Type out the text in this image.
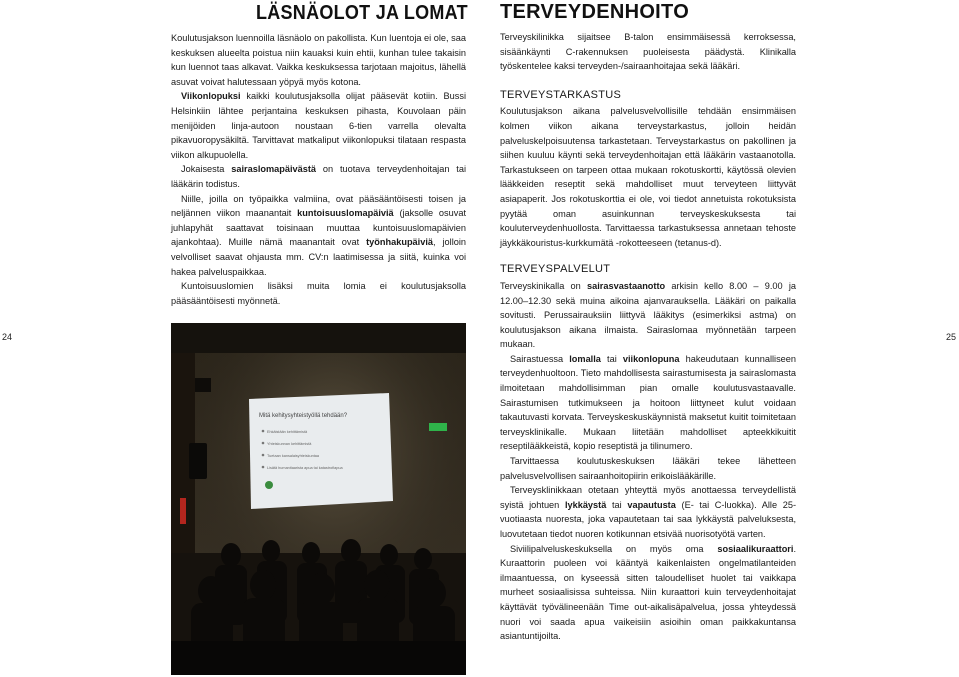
24	25
LÄSNÄOLOT JA LOMAT

Koulutusjakson luennoilla läsnäolo on pakollista. Kun luentoja ei ole, saa keskuksen alueelta poistua niin kauaksi kuin ehtii, kunhan tulee takaisin kun luennot taas alkavat. Vaikka keskuksessa tarjotaan majoitus, lähellä asuvat voivat halutessaan yöpyä myös kotona.

Viikonlopuksi kaikki koulutusjaksolla olijat pääsevät kotiin. Bussi Helsinkiin lähtee perjantaina keskuksen pihasta, Kouvolaan päin menijöiden linja-autoon noustaan 6-tien varrella olevalta pikavuoropysäkiltä. Tarvittavat matkaliput viikonlopuksi tilataan respasta viikon alkupuolella.

Jokaisesta sairaslomapäivästä on tuotava terveydenhoitajan tai lääkärin todistus.

Niille, joilla on työpaikka valmiina, ovat pääsääntöisesti toisen ja neljännen viikon maanantait kuntoisuuslomapäiviä (jaksolle osuvat juhlapyhät saattavat toisinaan muuttaa kuntoisuuslomapäivien ajankohtaa). Muille nämä maanantait ovat työnhakupäiviä, jolloin velvolliset saavat ohjausta mm. CV:n laatimisessa ja siitä, kuinka voi hakea palveluspaikkaa.

Kuntoisuuslomien lisäksi muita lomia ei koulutusjaksolla pääsääntöisesti myönnetä.

Mitä kehitysyhteistyöllä tehdään?
Ehkäistään kehittämistä
Yhteiskunnan kehittämistä
Tuetaan kansalaisyhteiskuntaa
Lisätä humanitaarista apua tai katastrofiapua
TERVEYDENHOITO

Terveyskilinikka sijaitsee B-talon ensimmäisessä kerroksessa, sisäänkäynti C-rakennuksen puoleisesta päädystä. Klinikalla työskentelee kaksi terveyden-/sairaanhoitajaa sekä lääkäri.

TERVEYSTARKASTUS

Koulutusjakson aikana palvelusvelvollisille tehdään ensimmäisen kolmen viikon aikana terveystarkastus, jolloin heidän palveluskelpoisuutensa tarkastetaan. Terveystarkastus on pakollinen ja siihen kuuluu käynti sekä terveydenhoitajan että lääkärin vastaanotolla. Tarkastukseen on tarpeen ottaa mukaan rokotuskortti, käytössä olevien lääkkeiden reseptit sekä mahdolliset muut terveyteen liittyvät asiapaperit. Jos rokotuskorttia ei ole, voi tiedot annetuista rokotuksista pyytää oman asuinkunnan terveyskeskuksesta tai kouluterveydenhuollosta. Tarvittaessa tarkastuksessa annetaan tehoste jäykkäkouristus-kurkkumätä -rokotteeseen (tetanus-d).

TERVEYSPALVELUT

Terveyskinikalla on sairasvastaanotto arkisin kello 8.00 – 9.00 ja 12.00–12.30 sekä muina aikoina ajanvarauksella. Lääkäri on paikalla sovitusti. Perussairauksiin liittyvä lääkitys (esimerkiksi astma) on koulutusjakson aikana ilmaista. Sairaslomaa myönnetään tarpeen mukaan.

Sairastuessa lomalla tai viikonlopuna hakeudutaan kunnalliseen terveydenhuoltoon. Tieto mahdollisesta sairastumisesta ja sairaslomasta ilmoitetaan mahdollisimman pian omalle koulutusvastaavalle. Sairastumisen tutkimukseen ja hoitoon liittyneet kulut voidaan takautuvasti korvata. Terveyskeskuskäynnistä maksetut kuitit toimitetaan terveysklinikalle. Mukaan liitetään mahdolliset apteekkikuitit reseptilääkkeistä, kopio reseptistä ja tilinumero.

Tarvittaessa koulutuskeskuksen lääkäri tekee lähetteen palvelusvelvollisen sairaanhoitopiirin erikoislääkärille.

Terveysklinikkaan otetaan yhteyttä myös anottaessa terveydellistä syistä johtuen lykkäystä tai vapautusta (E- tai C-luokka). Alle 25-vuotiaasta nuoresta, joka vapautetaan tai saa lykkäystä palveluksesta, luovutetaan tiedot nuoren kotikunnan etsivää nuorisotyötä varten.

Siviilipalveluskeskuksella on myös oma sosiaalikuraattori. Kuraattorin puoleen voi kääntyä kaikenlaisten ongelmatilanteiden ilmaantuessa, on kyseessä sitten taloudelliset huolet tai vaikkapa murheet sosiaalisissa suhteissa. Niin kuraattori kuin terveydenhoitajat käyttävät työvälineenään Time out-aikalisäpalvelua, jossa yhteydessä nuori voi saada apua vaikeisiin asioihin oman paikkakuntansa asiantuntijoilta.
